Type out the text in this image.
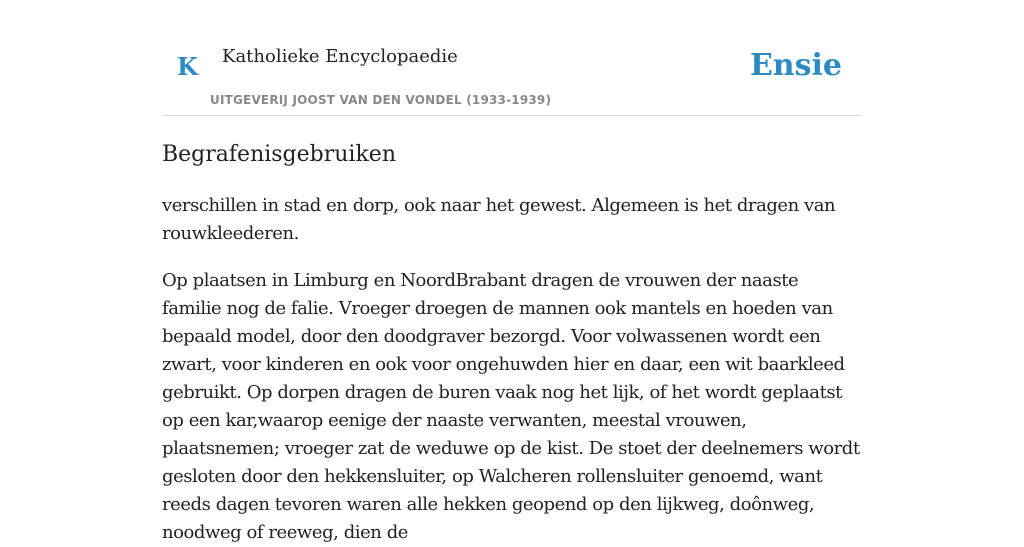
K Katholieke Encyclopaedie
UITGEVERIJ JOOST VAN DEN VONDEL (1933-1939)
Ensie
Begrafenisgebruiken

verschillen in stad en dorp, ook naar het gewest. Algemeen is het dragen van rouwkleederen.

Op plaatsen in Limburg en NoordBrabant dragen de vrouwen der naaste familie nog de falie. Vroeger droegen de mannen ook mantels en hoeden van bepaald model, door den doodgraver bezorgd. Voor volwassenen wordt een zwart, voor kinderen en ook voor ongehuwden hier en daar, een wit baarkleed gebruikt. Op dorpen dragen de buren vaak nog het lijk, of het wordt geplaatst op een kar,waarop eenige der naaste verwanten, meestal vrouwen, plaatsnemen; vroeger zat de weduwe op de kist. De stoet der deelnemers wordt gesloten door den hekkensluiter, op Walcheren rollensluiter genoemd, want reeds dagen tevoren waren alle hekken geopend op den lijkweg, doônweg, noodweg of reeweg, dien de
